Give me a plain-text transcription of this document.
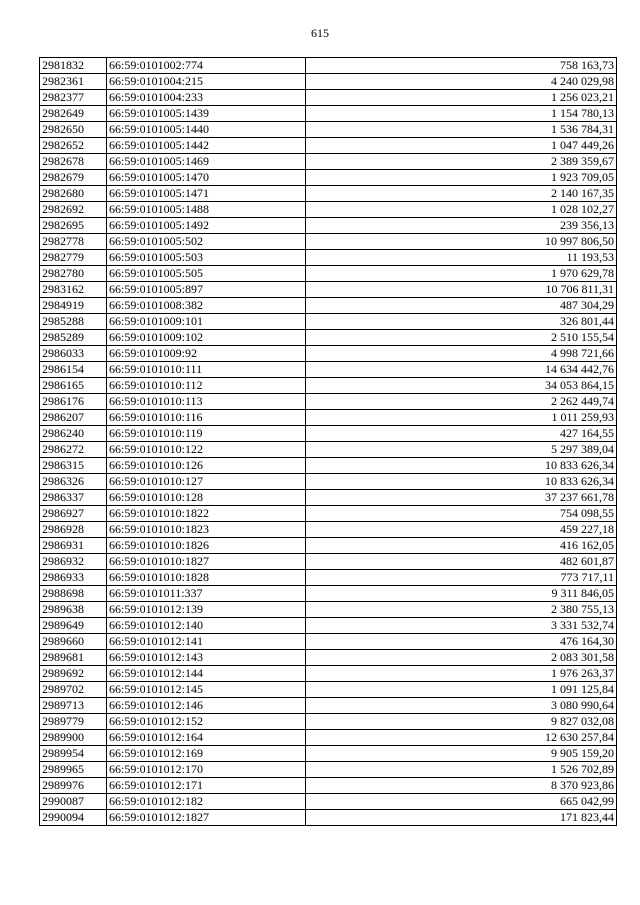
615
2981832	66:59:0101002:774	758 163,73
2982361	66:59:0101004:215	4 240 029,98
2982377	66:59:0101004:233	1 256 023,21
2982649	66:59:0101005:1439	1 154 780,13
2982650	66:59:0101005:1440	1 536 784,31
2982652	66:59:0101005:1442	1 047 449,26
2982678	66:59:0101005:1469	2 389 359,67
2982679	66:59:0101005:1470	1 923 709,05
2982680	66:59:0101005:1471	2 140 167,35
2982692	66:59:0101005:1488	1 028 102,27
2982695	66:59:0101005:1492	239 356,13
2982778	66:59:0101005:502	10 997 806,50
2982779	66:59:0101005:503	11 193,53
2982780	66:59:0101005:505	1 970 629,78
2983162	66:59:0101005:897	10 706 811,31
2984919	66:59:0101008:382	487 304,29
2985288	66:59:0101009:101	326 801,44
2985289	66:59:0101009:102	2 510 155,54
2986033	66:59:0101009:92	4 998 721,66
2986154	66:59:0101010:111	14 634 442,76
2986165	66:59:0101010:112	34 053 864,15
2986176	66:59:0101010:113	2 262 449,74
2986207	66:59:0101010:116	1 011 259,93
2986240	66:59:0101010:119	427 164,55
2986272	66:59:0101010:122	5 297 389,04
2986315	66:59:0101010:126	10 833 626,34
2986326	66:59:0101010:127	10 833 626,34
2986337	66:59:0101010:128	37 237 661,78
2986927	66:59:0101010:1822	754 098,55
2986928	66:59:0101010:1823	459 227,18
2986931	66:59:0101010:1826	416 162,05
2986932	66:59:0101010:1827	482 601,87
2986933	66:59:0101010:1828	773 717,11
2988698	66:59:0101011:337	9 311 846,05
2989638	66:59:0101012:139	2 380 755,13
2989649	66:59:0101012:140	3 331 532,74
2989660	66:59:0101012:141	476 164,30
2989681	66:59:0101012:143	2 083 301,58
2989692	66:59:0101012:144	1 976 263,37
2989702	66:59:0101012:145	1 091 125,84
2989713	66:59:0101012:146	3 080 990,64
2989779	66:59:0101012:152	9 827 032,08
2989900	66:59:0101012:164	12 630 257,84
2989954	66:59:0101012:169	9 905 159,20
2989965	66:59:0101012:170	1 526 702,89
2989976	66:59:0101012:171	8 370 923,86
2990087	66:59:0101012:182	665 042,99
2990094	66:59:0101012:1827	171 823,44
